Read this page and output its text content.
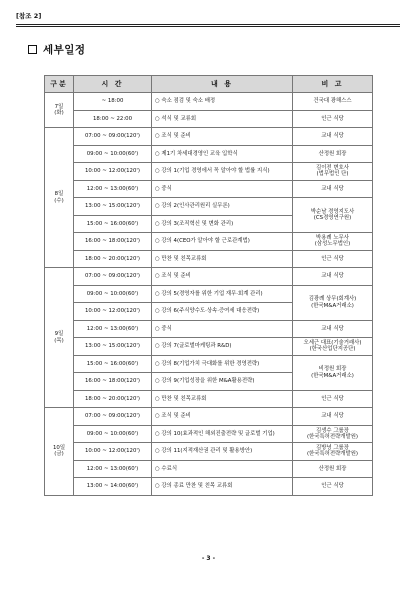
[참조 2]
세부일정
구분	시 간	내 용	비 고
7일
(화)	~ 18:00	○ 숙소 점검 및 숙소 배정	건국대 광해스스
	18:00 ~ 22:00	○ 석식 및 교류회	인근 식당
8일
(수)	07:00 ~ 09:00(120')	○ 조식 및 준비	교내 식당
	09:00 ~ 10:00(60')	○ 제1기 차세대경영인 교육 입학식	산정원 회장
	10:00 ~ 12:00(120')	○ 강의 1(기업 경영에서 꼭 알아야 할 법률 지식)	김이전 변호사
(법무법인 단)
	12:00 ~ 13:00(60')	○ 중식	교내 식당
	13:00 ~ 15:00(120')	○ 강의 2(인사관리원리 실무론)	박순남 경영지도사
(CS경영연구원)
	15:00 ~ 16:00(60')	○ 강의 3(조직혁신 및 변화 관리)	
	16:00 ~ 18:00(120')	○ 강의 4(CEO가 알아야 할 근로관계법)	박용례 노무사
(삼성노무법인)
	18:00 ~ 20:00(120')	○ 만찬 및 친목교류회	인근 식당
9일
(목)	07:00 ~ 09:00(120')	○ 조식 및 준비	교내 식당
	09:00 ~ 10:00(60')	○ 강의 5(경영자를 위한 기업 재무·회계 관리)	김광례 상무(회계사)
(한국M&A거래소)
	10:00 ~ 12:00(120')	○ 강의 6(주식양수도·상속·증여세 대응전략)	
	12:00 ~ 13:00(60')	○ 중식	교내 식당
	13:00 ~ 15:00(120')	○ 강의 7(글로벌마케팅과 R&D)	오세근 대표(기술거래사)
(한국산업단지공단)
	15:00 ~ 16:00(60')	○ 강의 8(기업가치 극대화를 위한 경영전략)	비정원 회장
(한국M&A거래소)
	16:00 ~ 18:00(120')	○ 강의 9(기업성장을 위한 M&A활용전략)	
	18:00 ~ 20:00(120')	○ 만찬 및 친목교류회	인근 식당
10일
(금)	07:00 ~ 09:00(120')	○ 조식 및 준비	교내 식당
	09:00 ~ 10:00(60')	○ 강의 10(효과적인 해외진출전략 및 글로벌 기업)	김생수 그룹장
(한국특허전략개발원)
	10:00 ~ 12:00(120')	○ 강의 11(지적재산권 관리 및 활용방안)	김방녕 그룹장
(한국특허전략개발원)
	12:00 ~ 13:00(60')	○ 수료식	산정원 회장
	13:00 ~ 14:00(60')	○ 강의 종료 만찬 및 친목 교류회	인근 식당
- 3 -
